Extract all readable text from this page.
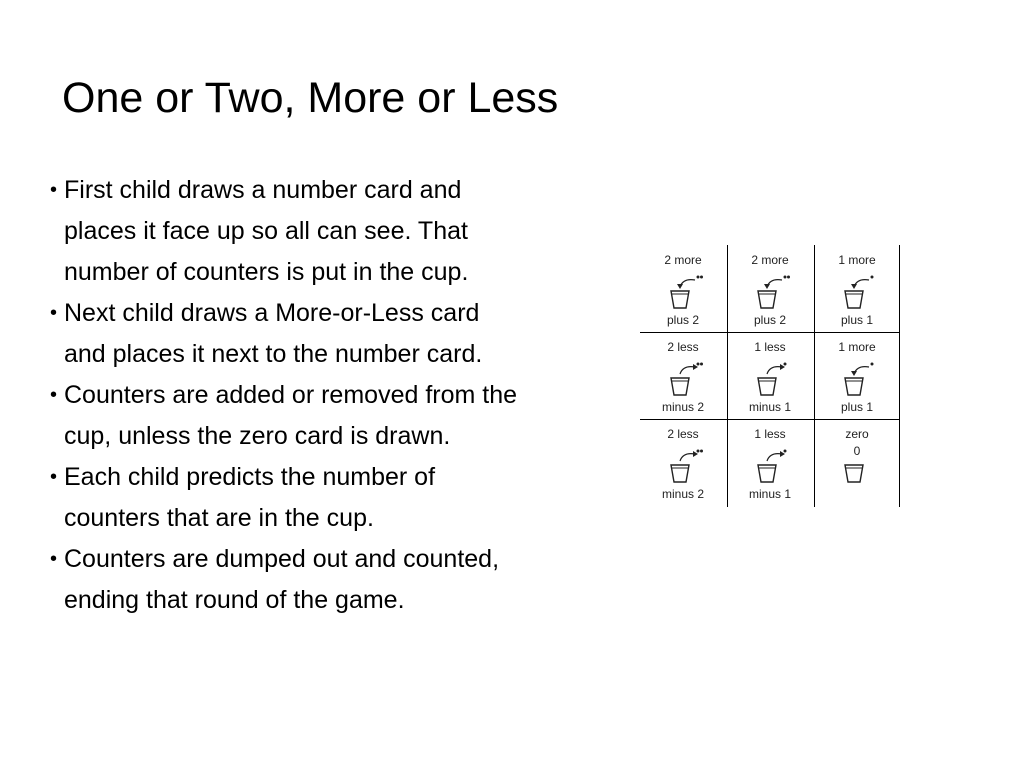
One or Two, More or Less
• First child draws a number card and
places it face up so all can see. That
number of counters is put in the cup.
• Next child draws a More-or-Less card
and places it next to the number card.
• Counters are added or removed from the
cup, unless the zero card is drawn.
• Each child predicts the number of
counters that are in the cup.
• Counters are dumped out and counted,
ending that round of the game.
2 more
plus 2
2 more
plus 2
1 more
plus 1
2 less
minus 2
1 less
minus 1
1 more
plus 1
2 less
minus 2
1 less
minus 1
zero
0
